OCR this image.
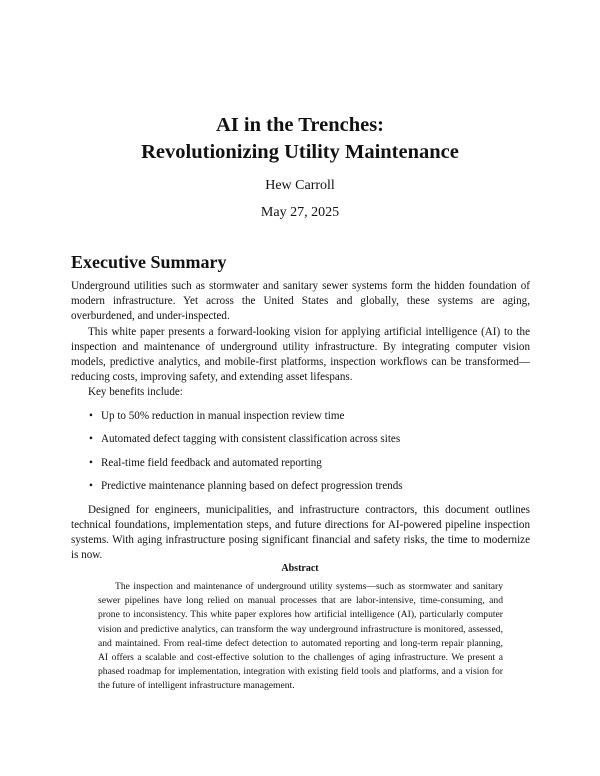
AI in the Trenches:
Revolutionizing Utility Maintenance
Hew Carroll
May 27, 2025
Executive Summary

Underground utilities such as stormwater and sanitary sewer systems form the hidden foundation of modern infrastructure. Yet across the United States and globally, these systems are aging, overburdened, and under-inspected.

This white paper presents a forward-looking vision for applying artificial intelligence (AI) to the inspection and maintenance of underground utility infrastructure. By integrating computer vision models, predictive analytics, and mobile-first platforms, inspection workflows can be transformed—reducing costs, improving safety, and extending asset lifespans.

Key benefits include:

• Up to 50% reduction in manual inspection review time
• Automated defect tagging with consistent classification across sites
• Real-time field feedback and automated reporting
• Predictive maintenance planning based on defect progression trends

Designed for engineers, municipalities, and infrastructure contractors, this document outlines technical foundations, implementation steps, and future directions for AI-powered pipeline inspection systems. With aging infrastructure posing significant financial and safety risks, the time to modernize is now.

Abstract
The inspection and maintenance of underground utility systems—such as stormwater and sanitary sewer pipelines have long relied on manual processes that are labor-intensive, time-consuming, and prone to inconsistency. This white paper explores how artificial intelligence (AI), particularly computer vision and predictive analytics, can transform the way underground infrastructure is monitored, assessed, and maintained. From real-time defect detection to automated reporting and long-term repair planning, AI offers a scalable and cost-effective solution to the challenges of aging infrastructure. We present a phased roadmap for implementation, integration with existing field tools and platforms, and a vision for the future of intelligent infrastructure management.
